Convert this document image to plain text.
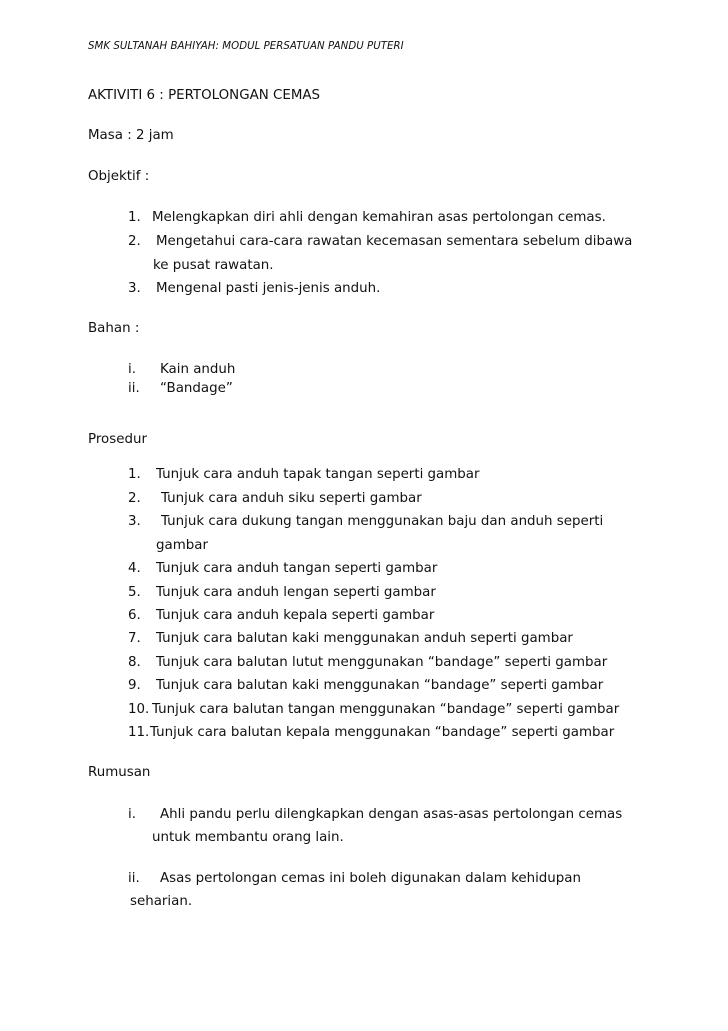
SMK SULTANAH BAHIYAH: MODUL PERSATUAN PANDU PUTERI
AKTIVITI 6 : PERTOLONGAN CEMAS
Masa : 2 jam
Objektif :
1. Melengkapkan diri ahli dengan kemahiran asas pertolongan cemas.
2. Mengetahui cara-cara rawatan kecemasan sementara sebelum dibawa
ke pusat rawatan.
3. Mengenal pasti jenis-jenis anduh.
Bahan :
i. Kain anduh
ii. “Bandage”
Prosedur
1. Tunjuk cara anduh tapak tangan seperti gambar
2. Tunjuk cara anduh siku seperti gambar
3. Tunjuk cara dukung tangan menggunakan baju dan anduh seperti
gambar
4. Tunjuk cara anduh tangan seperti gambar
5. Tunjuk cara anduh lengan seperti gambar
6. Tunjuk cara anduh kepala seperti gambar
7. Tunjuk cara balutan kaki menggunakan anduh seperti gambar
8. Tunjuk cara balutan lutut menggunakan “bandage” seperti gambar
9. Tunjuk cara balutan kaki menggunakan “bandage” seperti gambar
10. Tunjuk cara balutan tangan menggunakan “bandage” seperti gambar
11. Tunjuk cara balutan kepala menggunakan “bandage” seperti gambar
Rumusan
i. Ahli pandu perlu dilengkapkan dengan asas-asas pertolongan cemas
untuk membantu orang lain.
ii. Asas pertolongan cemas ini boleh digunakan dalam kehidupan
seharian.
